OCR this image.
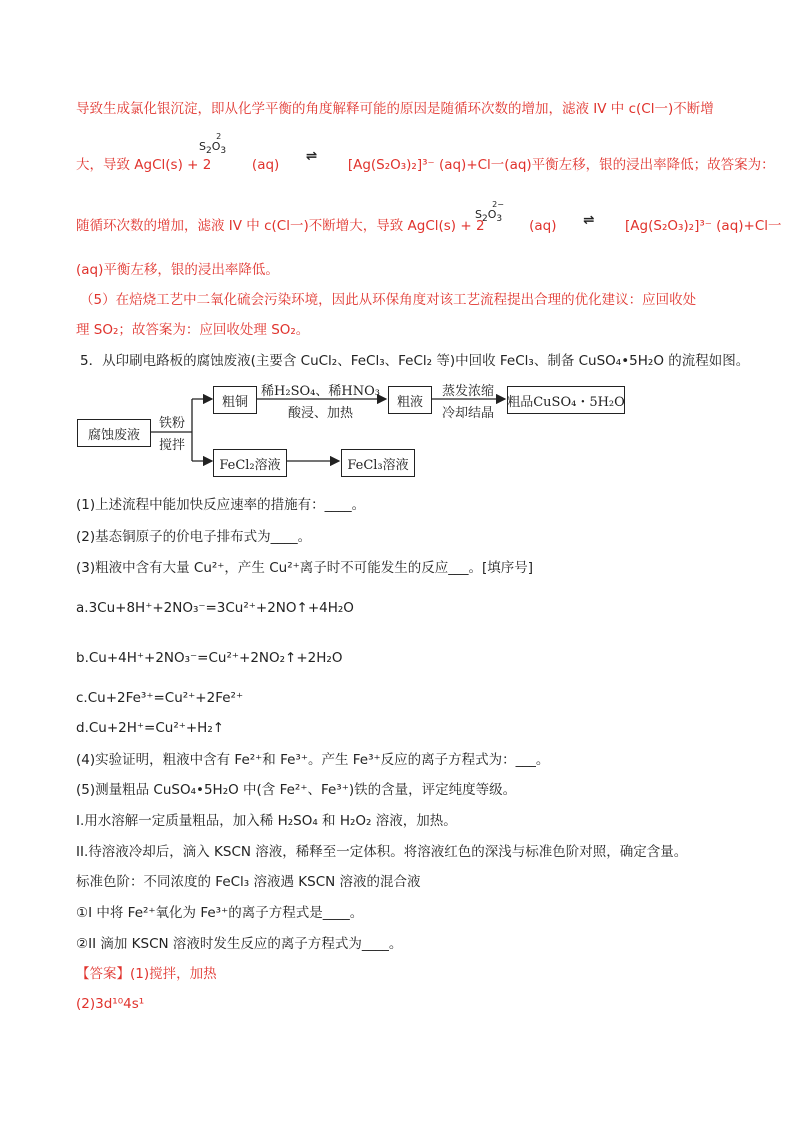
导致生成氯化银沉淀，即从化学平衡的角度解释可能的原因是随循环次数的增加，滤液 IV 中 c(Cl一)不断增
$S_2O_3^2$
大，导致 AgCl(s) + 2	(aq)  ⇌  [Ag(S₂O₃)₂]³⁻ (aq)+Cl一(aq)平衡左移，银的浸出率降低；故答案为：
$S_2O_3^{2-}$
随循环次数的增加，滤液 IV 中 c(Cl一)不断增大，导致 AgCl(s) + 2	(aq) ⇌ [Ag(S₂O₃)₂]³⁻ (aq)+Cl一
(aq)平衡左移，银的浸出率降低。
（5）在焙烧工艺中二氧化硫会污染环境，因此从环保角度对该工艺流程提出合理的优化建议：应回收处
理 SO₂；故答案为：应回收处理 SO₂。
5．从印刷电路板的腐蚀废液(主要含 CuCl₂、FeCl₃、FeCl₂ 等)中回收 FeCl₃、制备 CuSO₄•5H₂O 的流程如图。
腐蚀废液
铁粉
搅拌
粗铜
稀H₂SO₄、稀HNO₃
酸浸、加热
粗液
蒸发浓缩
冷却结晶
粗品CuSO₄・5H₂O
FeCl₂溶液	FeCl₃溶液
(1)上述流程中能加快反应速率的措施有：____。
(2)基态铜原子的价电子排布式为____。
(3)粗液中含有大量 Cu²⁺，产生 Cu²⁺离子时不可能发生的反应___。[填序号]
a.3Cu+8H⁺+2NO₃⁻=3Cu²⁺+2NO↑+4H₂O
b.Cu+4H⁺+2NO₃⁻=Cu²⁺+2NO₂↑+2H₂O
c.Cu+2Fe³⁺=Cu²⁺+2Fe²⁺
d.Cu+2H⁺=Cu²⁺+H₂↑
(4)实验证明，粗液中含有 Fe²⁺和 Fe³⁺。产生 Fe³⁺反应的离子方程式为：___。
(5)测量粗品 CuSO₄•5H₂O 中(含 Fe²⁺、Fe³⁺)铁的含量，评定纯度等级。
I.用水溶解一定质量粗品，加入稀 H₂SO₄ 和 H₂O₂ 溶液，加热。
II.待溶液冷却后，滴入 KSCN 溶液，稀释至一定体积。将溶液红色的深浅与标准色阶对照，确定含量。
标准色阶：不同浓度的 FeCl₃ 溶液遇 KSCN 溶液的混合液
①I 中将 Fe²⁺氧化为 Fe³⁺的离子方程式是____。
②II 滴加 KSCN 溶液时发生反应的离子方程式为____。
【答案】(1)搅拌，加热
(2)3d¹⁰4s¹
